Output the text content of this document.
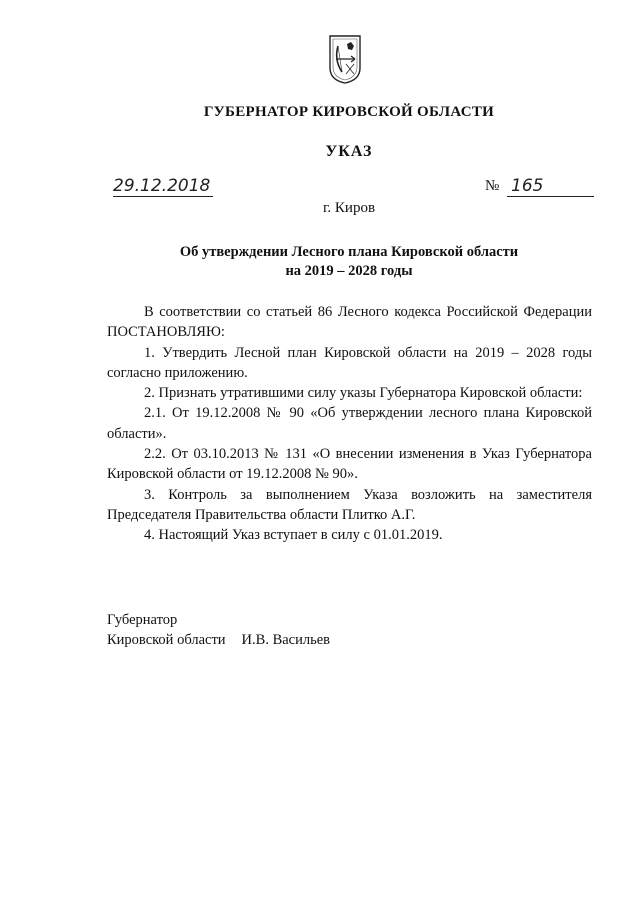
ГУБЕРНАТОР КИРОВСКОЙ ОБЛАСТИ
УКАЗ
29.12.2018	№ 165
г. Киров
Об утверждении Лесного плана Кировской области
на 2019 – 2028 годы

В соответствии со статьей 86 Лесного кодекса Российской Федерации ПОСТАНОВЛЯЮ:

1. Утвердить Лесной план Кировской области на 2019 – 2028 годы согласно приложению.

2. Признать утратившими силу указы Губернатора Кировской области:

2.1. От 19.12.2008 № 90 «Об утверждении лесного плана Кировской области».

2.2. От 03.10.2013 № 131 «О внесении изменения в Указ Губернатора Кировской области от 19.12.2008 № 90».

3. Контроль за выполнением Указа возложить на заместителя Председателя Правительства области Плитко А.Г.

4. Настоящий Указ вступает в силу с 01.01.2019.

Губернатор
Кировской области И.В. Васильев
